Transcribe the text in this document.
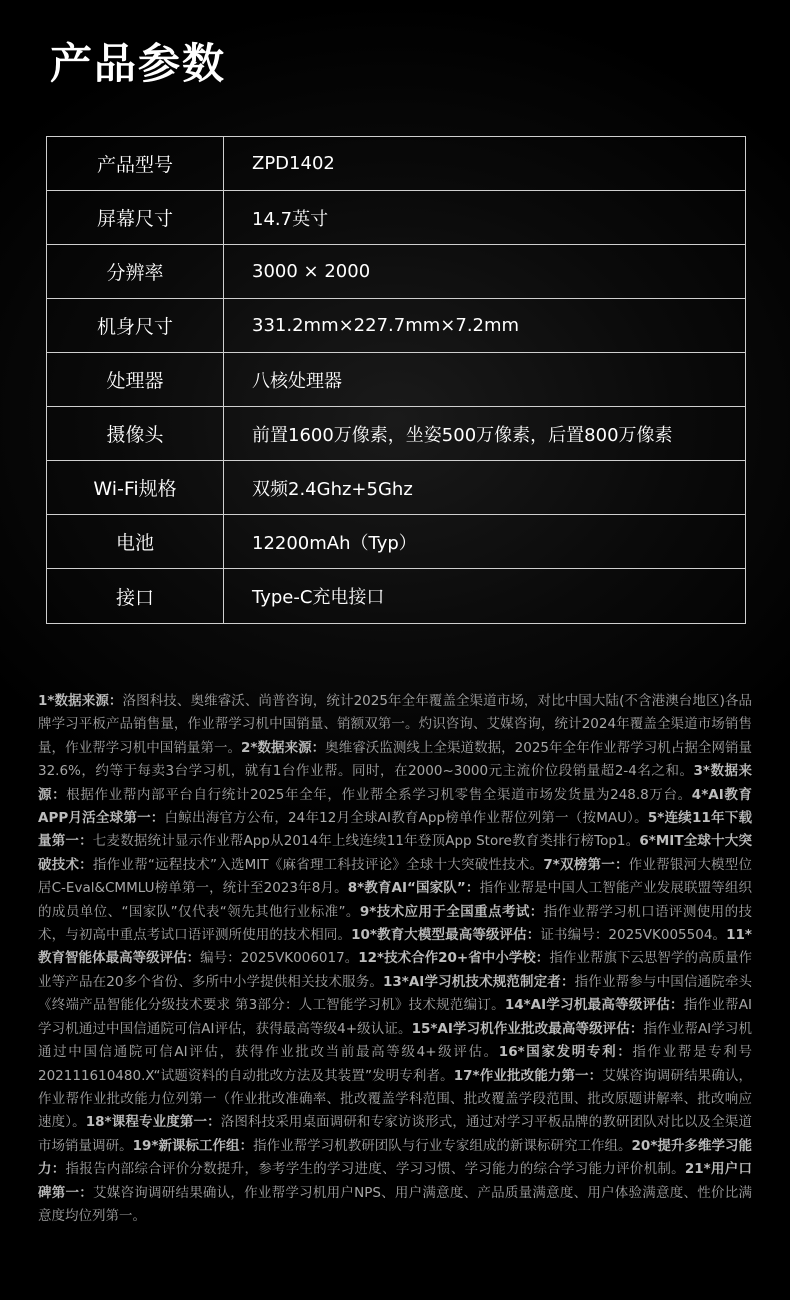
产品参数
产品型号	ZPD1402
屏幕尺寸	14.7英寸
分辨率	3000 × 2000
机身尺寸	331.2mm×227.7mm×7.2mm
处理器	八核处理器
摄像头	前置1600万像素，坐姿500万像素，后置800万像素
Wi-Fi规格	双频2.4Ghz+5Ghz
电池	12200mAh（Typ）
接口	Type-C充电接口

1*数据来源：洛图科技、奥维睿沃、尚普咨询，统计2025年全年覆盖全渠道市场，对比中国大陆(不含港澳台地区)各品牌学习平板产品销售量，作业帮学习机中国销量、销额双第一。灼识咨询、艾媒咨询，统计2024年覆盖全渠道市场销售量，作业帮学习机中国销量第一。2*数据来源：奥维睿沃监测线上全渠道数据，2025年全年作业帮学习机占据全网销量32.6%，约等于每卖3台学习机，就有1台作业帮。同时，在2000~3000元主流价位段销量超2-4名之和。3*数据来源：根据作业帮内部平台自行统计2025年全年，作业帮全系学习机零售全渠道市场发货量为248.8万台。4*AI教育APP月活全球第一：白鲸出海官方公布，24年12月全球AI教育App榜单作业帮位列第一（按MAU）。5*连续11年下载量第一：七麦数据统计显示作业帮App从2014年上线连续11年登顶App Store教育类排行榜Top1。6*MIT全球十大突破技术：指作业帮“远程技术”入选MIT《麻省理工科技评论》全球十大突破性技术。7*双榜第一：作业帮银河大模型位居C-Eval&CMMLU榜单第一，统计至2023年8月。8*教育AI“国家队”：指作业帮是中国人工智能产业发展联盟等组织的成员单位、“国家队”仅代表“领先其他行业标准”。9*技术应用于全国重点考试：指作业帮学习机口语评测使用的技术，与初高中重点考试口语评测所使用的技术相同。10*教育大模型最高等级评估：证书编号：2025VK005504。11*教育智能体最高等级评估：编号：2025VK006017。12*技术合作20+省中小学校：指作业帮旗下云思智学的高质量作业等产品在20多个省份、多所中小学提供相关技术服务。13*AI学习机技术规范制定者：指作业帮参与中国信通院牵头《终端产品智能化分级技术要求 第3部分：人工智能学习机》技术规范编订。14*AI学习机最高等级评估：指作业帮AI学习机通过中国信通院可信AI评估，获得最高等级4+级认证。15*AI学习机作业批改最高等级评估：指作业帮AI学习机通过中国信通院可信AI评估，获得作业批改当前最高等级4+级评估。16*国家发明专利：指作业帮是专利号202111610480.X“试题资料的自动批改方法及其装置”发明专利者。17*作业批改能力第一：艾媒咨询调研结果确认，作业帮作业批改能力位列第一（作业批改准确率、批改覆盖学科范围、批改覆盖学段范围、批改原题讲解率、批改响应速度）。18*课程专业度第一：洛图科技采用桌面调研和专家访谈形式，通过对学习平板品牌的教研团队对比以及全渠道市场销量调研。19*新课标工作组：指作业帮学习机教研团队与行业专家组成的新课标研究工作组。20*提升多维学习能力：指报告内部综合评价分数提升，参考学生的学习进度、学习习惯、学习能力的综合学习能力评价机制。21*用户口碑第一：艾媒咨询调研结果确认，作业帮学习机用户NPS、用户满意度、产品质量满意度、用户体验满意度、性价比满意度均位列第一。
